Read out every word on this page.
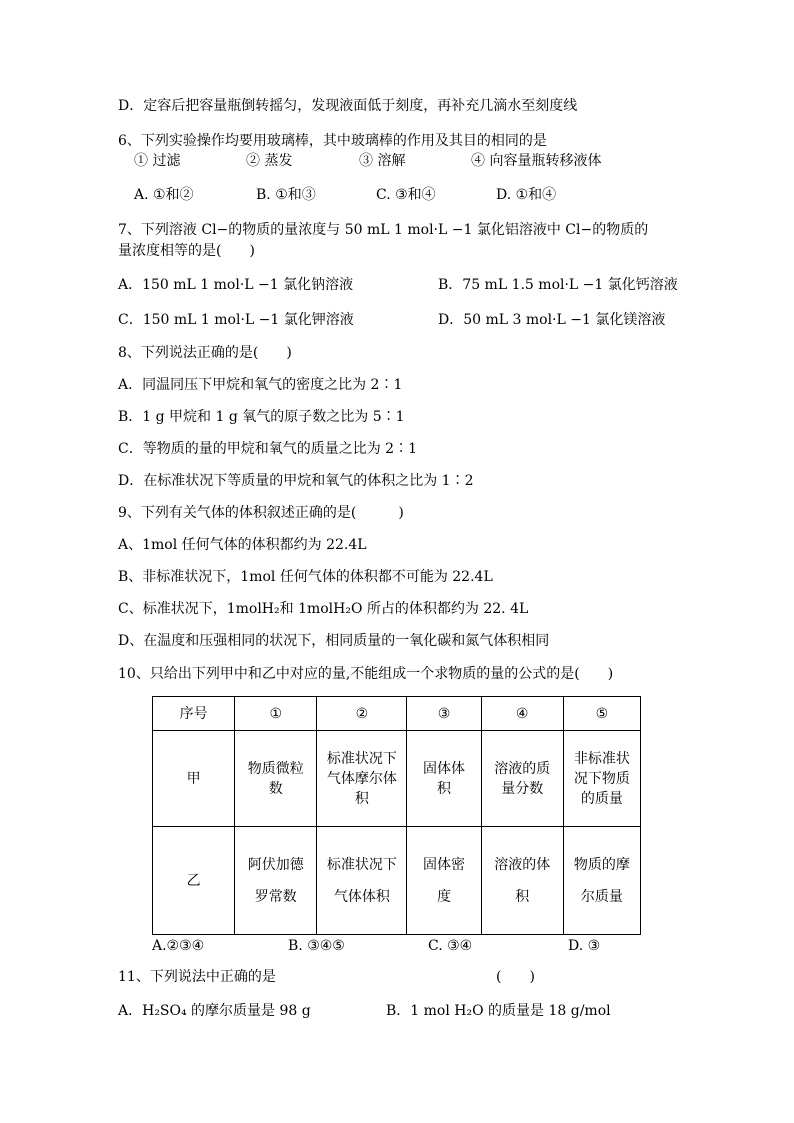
D．定容后把容量瓶倒转摇匀，发现液面低于刻度，再补充几滴水至刻度线
6、下列实验操作均要用玻璃棒，其中玻璃棒的作用及其目的相同的是
① 过滤	② 蒸发	③ 溶解	④ 向容量瓶转移液体
A. ①和②	B. ①和③	C. ③和④	D. ①和④
7、下列溶液 Cl−的物质的量浓度与 50 mL 1 mol·L −1 氯化铝溶液中 Cl−的物质的
量浓度相等的是(　　)
A．150 mL 1 mol·L −1 氯化钠溶液	B．75 mL 1.5 mol·L −1 氯化钙溶液
C．150 mL 1 mol·L −1 氯化钾溶液	D．50 mL 3 mol·L −1 氯化镁溶液
8、下列说法正确的是(　　)
A．同温同压下甲烷和氧气的密度之比为 2∶1
B．1 g 甲烷和 1 g 氧气的原子数之比为 5∶1
C．等物质的量的甲烷和氧气的质量之比为 2∶1
D．在标准状况下等质量的甲烷和氧气的体积之比为 1∶2
9、下列有关气体的体积叙述正确的是(　　　)
A、1mol 任何气体的体积都约为 22.4L
B、非标准状况下，1mol 任何气体的体积都不可能为 22.4L
C、标准状况下，1molH₂和 1molH₂O 所占的体积都约为 22. 4L
D、在温度和压强相同的状况下，相同质量的一氧化碳和氮气体积相同
10、只给出下列甲中和乙中对应的量,不能组成一个求物质的量的公式的是(　　)
序号	①	②	③	④	⑤
甲	物质微粒数	标准状况下气体摩尔体积	固体体积	溶液的质量分数	非标准状况下物质的质量
乙	阿伏加德罗常数	标准状况下气体体积	固体密度	溶液的体积	物质的摩尔质量
A.②③④	B. ③④⑤	C. ③④	D. ③
11、下列说法中正确的是	(　　)
A．H₂SO₄ 的摩尔质量是 98 g	B．1 mol H₂O 的质量是 18 g/mol
